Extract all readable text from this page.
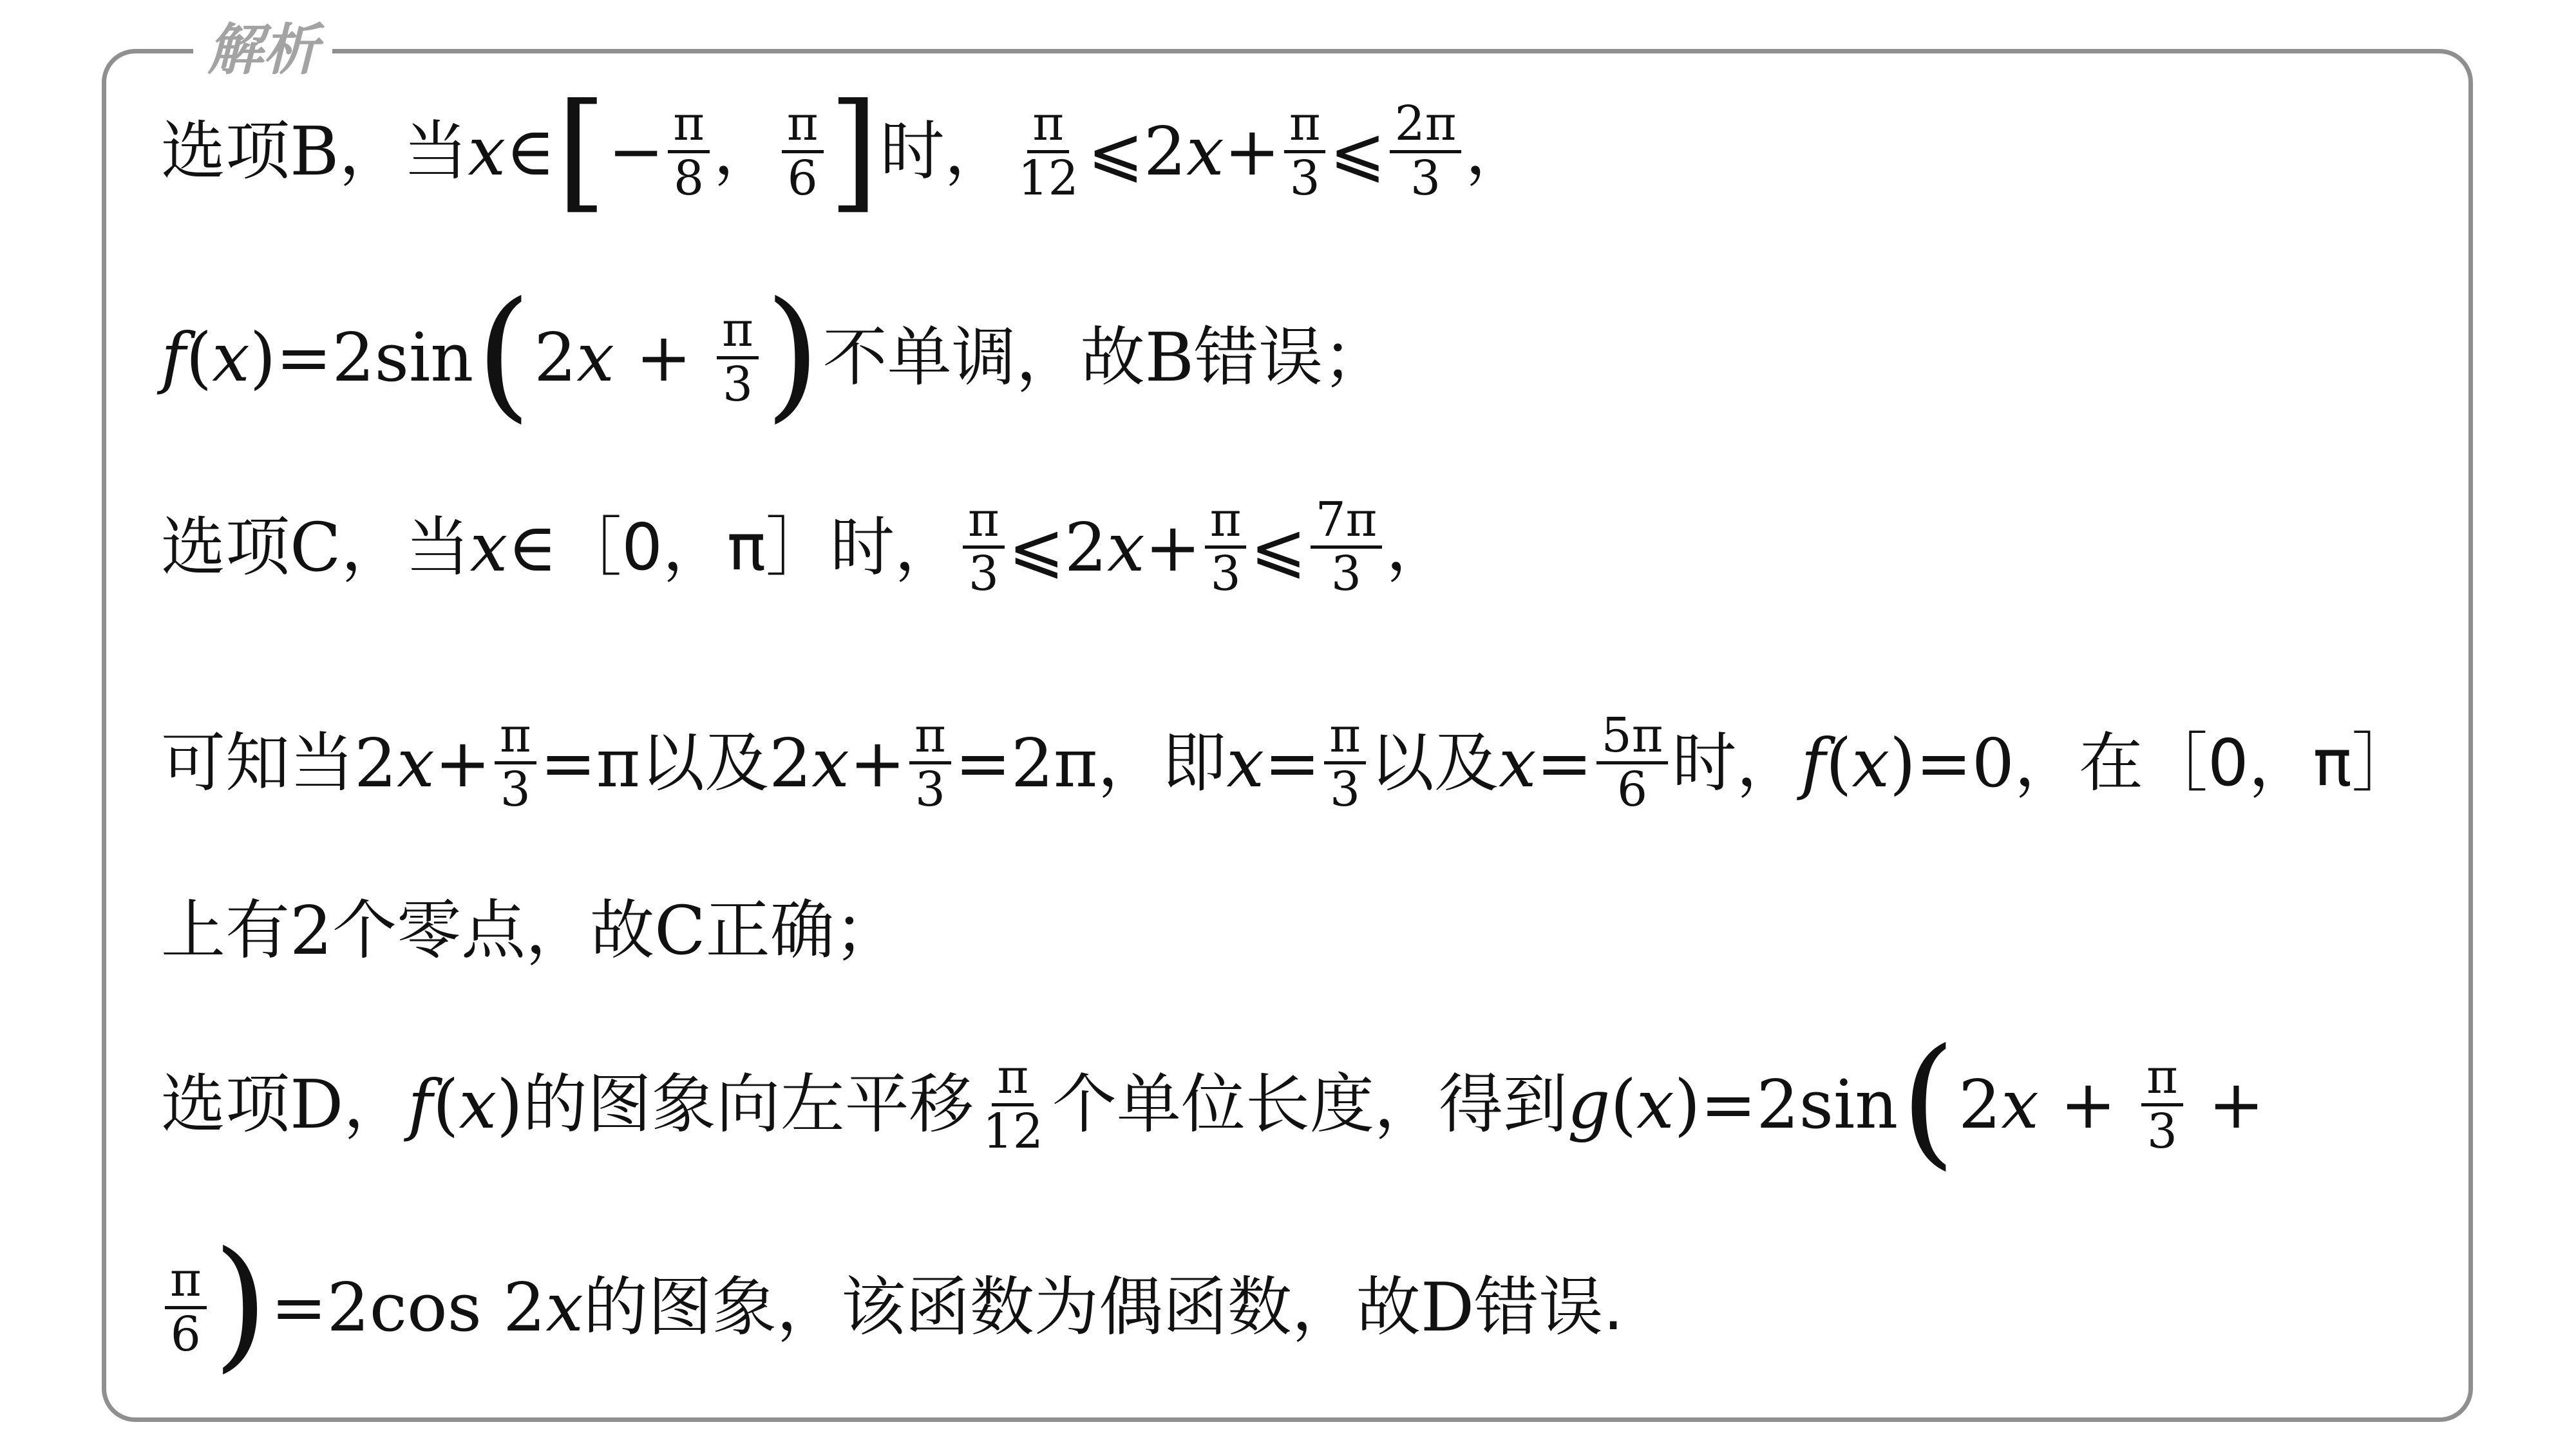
解析
选项 B ，当 x ∈ [ − $\frac{\pi}{8}$ ， $\frac{\pi}{6}$ ] 时， $\frac{\pi}{12}$ ⩽2 $x + \frac{\pi}{3}$ ⩽ $\frac{2\pi}{3}$ ，
f ( x )=2sin ( 2 $x + \frac{\pi}{3}$ ) 不单调，故 B 错误；
选项 C ，当 x ∈ ［0，π］ 时， $\frac{\pi}{3}$ ⩽2 $x + \frac{\pi}{3}$ ⩽ $\frac{7\pi}{3}$ ，
可知当 2 $x + \frac{\pi}{3} =\pi$ 以及 2 $x + \frac{\pi}{3} =2\pi$ ，即 $x = \frac{\pi}{3}$ 以及 $x = \frac{5\pi}{6}$ 时， f ( x )=0 ，在［0，π］
上有 2 个零点，故 C 正确；
选项 D ， f ( x ) 的图象向左平移 $\frac{\pi}{12}$ 个单位长度，得到 g ( x )=2sin ( 2 $x + \frac{\pi}{3}$ +
$\frac{\pi}{6}$ ) =2cos 2 x 的图象，该函数为偶函数，故 D 错误.
